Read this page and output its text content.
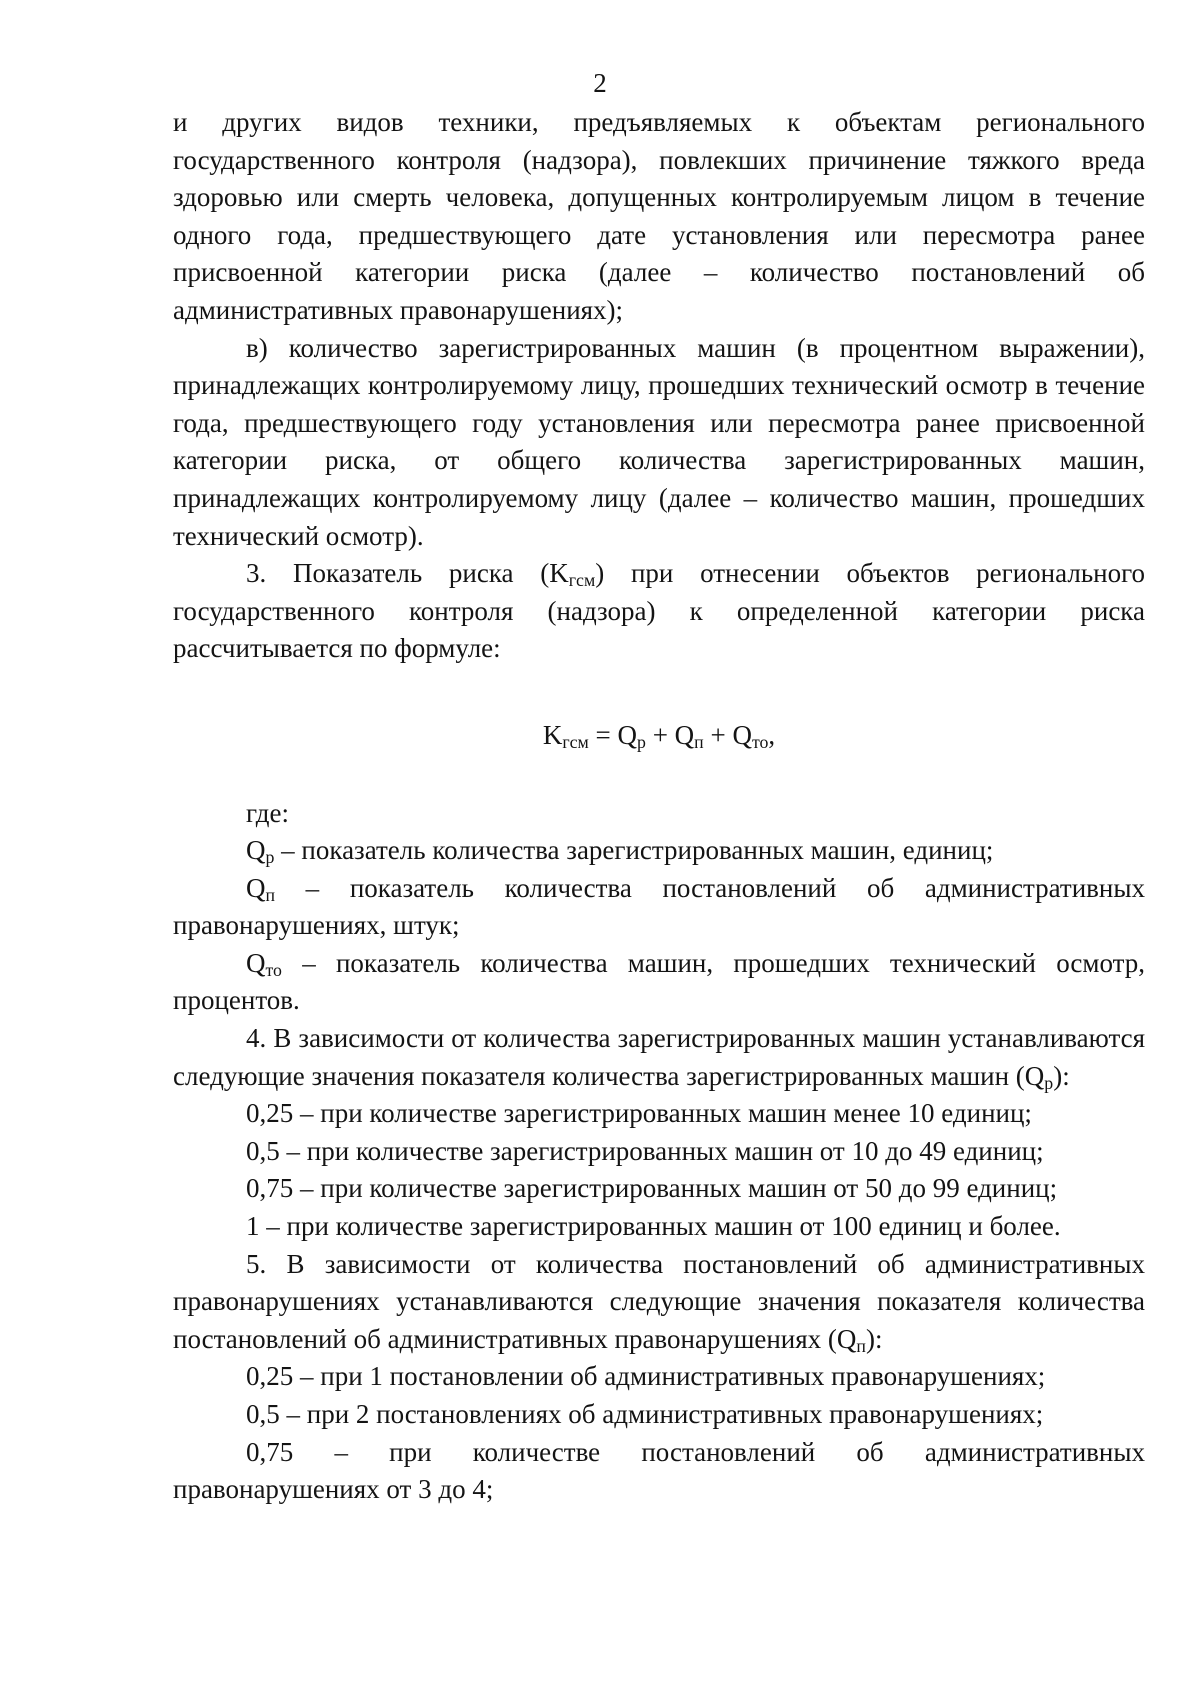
2

и других видов техники, предъявляемых к объектам регионального государственного контроля (надзора), повлекших причинение тяжкого вреда здоровью или смерть человека, допущенных контролируемым лицом в течение одного года, предшествующего дате установления или пересмотра ранее присвоенной категории риска (далее – количество постановлений об административных правонарушениях);

в) количество зарегистрированных машин (в процентном выражении), принадлежащих контролируемому лицу, прошедших технический осмотр в течение года, предшествующего году установления или пересмотра ранее присвоенной категории риска, от общего количества зарегистрированных машин, принадлежащих контролируемому лицу (далее – количество машин, прошедших технический осмотр).

3. Показатель риска $(K_{гсм})$ при отнесении объектов регионального государственного контроля (надзора) к определенной категории риска рассчитывается по формуле:

$K_{гсм} = Q_р + Q_п + Q_{то}$,

где:

$Q_р$ – показатель количества зарегистрированных машин, единиц;

$Q_п$ – показатель количества постановлений об административных правонарушениях, штук;

$Q_{то}$ – показатель количества машин, прошедших технический осмотр, процентов.

4. В зависимости от количества зарегистрированных машин устанавливаются следующие значения показателя количества зарегистрированных машин $(Q_р)$:

0,25 – при количестве зарегистрированных машин менее 10 единиц;

0,5 – при количестве зарегистрированных машин от 10 до 49 единиц;

0,75 – при количестве зарегистрированных машин от 50 до 99 единиц;

1 – при количестве зарегистрированных машин от 100 единиц и более.

5. В зависимости от количества постановлений об административных правонарушениях устанавливаются следующие значения показателя количества постановлений об административных правонарушениях $(Q_п)$:

0,25 – при 1 постановлении об административных правонарушениях;

0,5 – при 2 постановлениях об административных правонарушениях;

0,75 – при количестве постановлений об административных правонарушениях от 3 до 4;
